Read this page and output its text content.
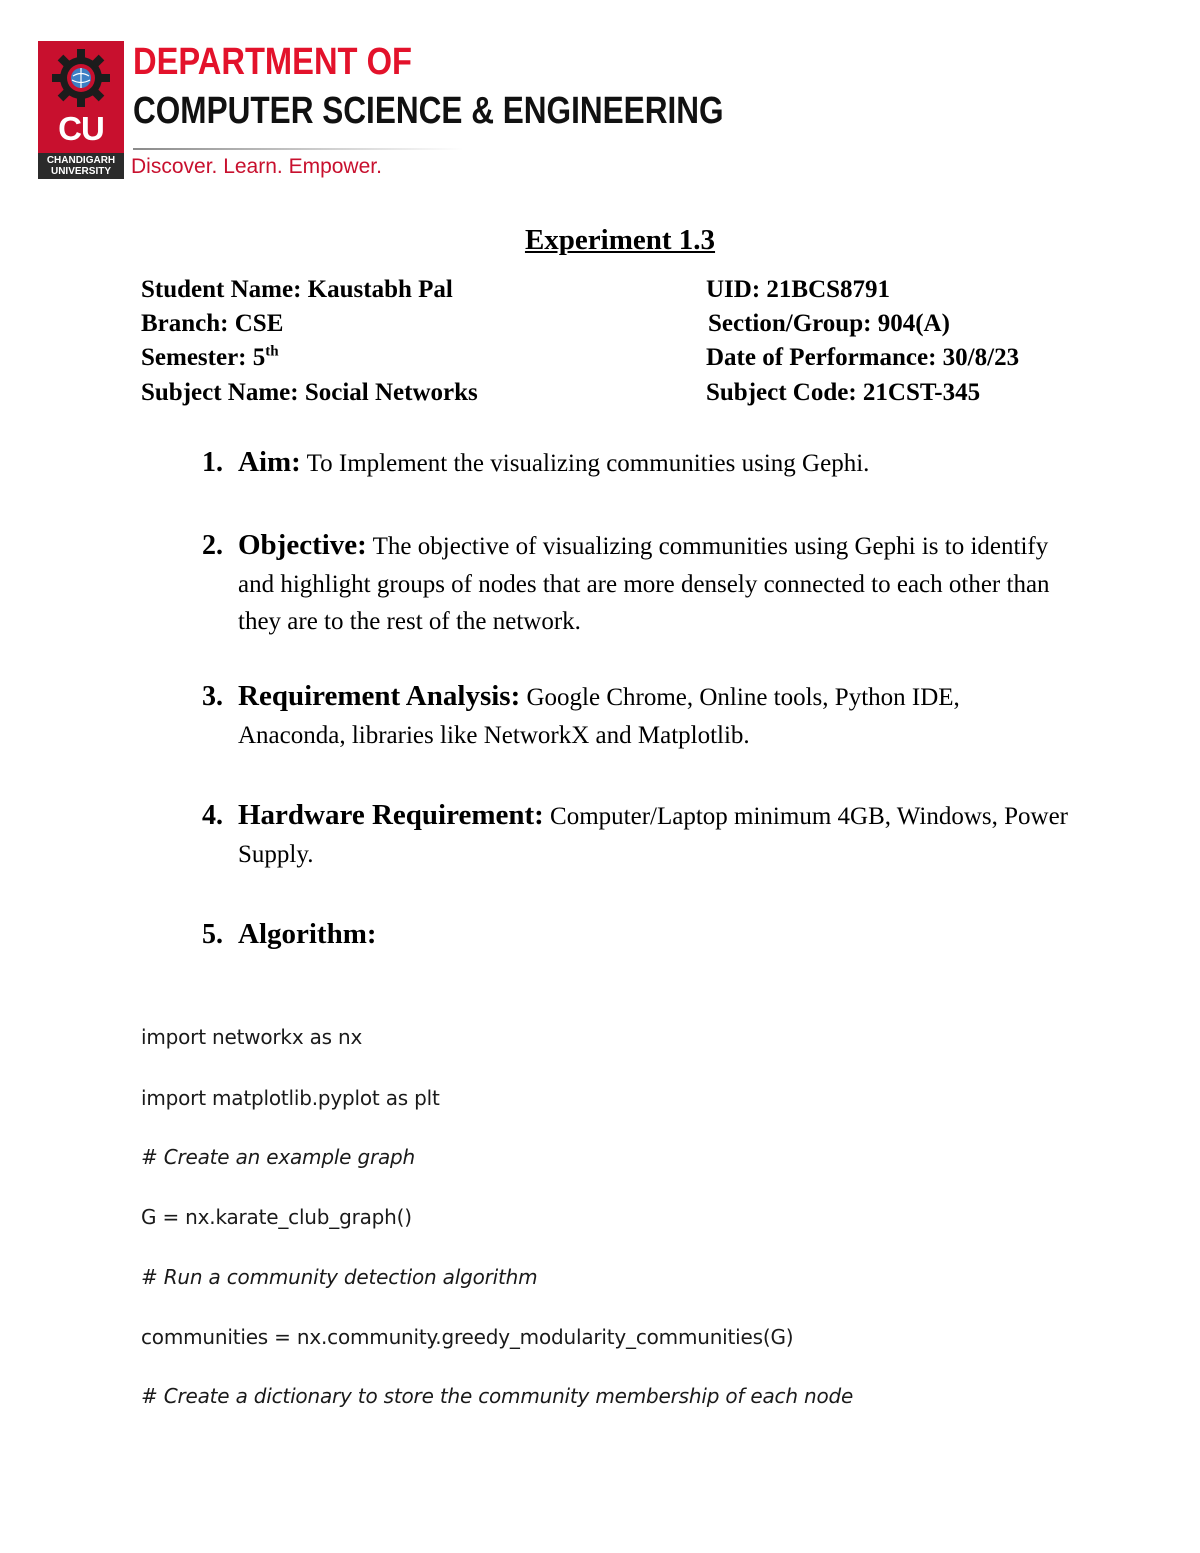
CU
CHANDIGARH
UNIVERSITY
DEPARTMENT OF
COMPUTER SCIENCE & ENGINEERING
Discover. Learn. Empower.
Experiment 1.3
Student Name: Kaustabh Pal	UID: 21BCS8791
Branch: CSE	Section/Group: 904(A)
Semester: 5th	Date of Performance: 30/8/23
Subject Name: Social Networks	Subject Code: 21CST-345
1. Aim: To Implement the visualizing communities using Gephi.
2. Objective: The objective of visualizing communities using Gephi is to identify and highlight groups of nodes that are more densely connected to each other than they are to the rest of the network.
3. Requirement Analysis: Google Chrome, Online tools, Python IDE, Anaconda, libraries like NetworkX and Matplotlib.
4. Hardware Requirement: Computer/Laptop minimum 4GB, Windows, Power Supply.
5. Algorithm:
import networkx as nx
import matplotlib.pyplot as plt
# Create an example graph
G = nx.karate_club_graph()
# Run a community detection algorithm
communities = nx.community.greedy_modularity_communities(G)
# Create a dictionary to store the community membership of each node
